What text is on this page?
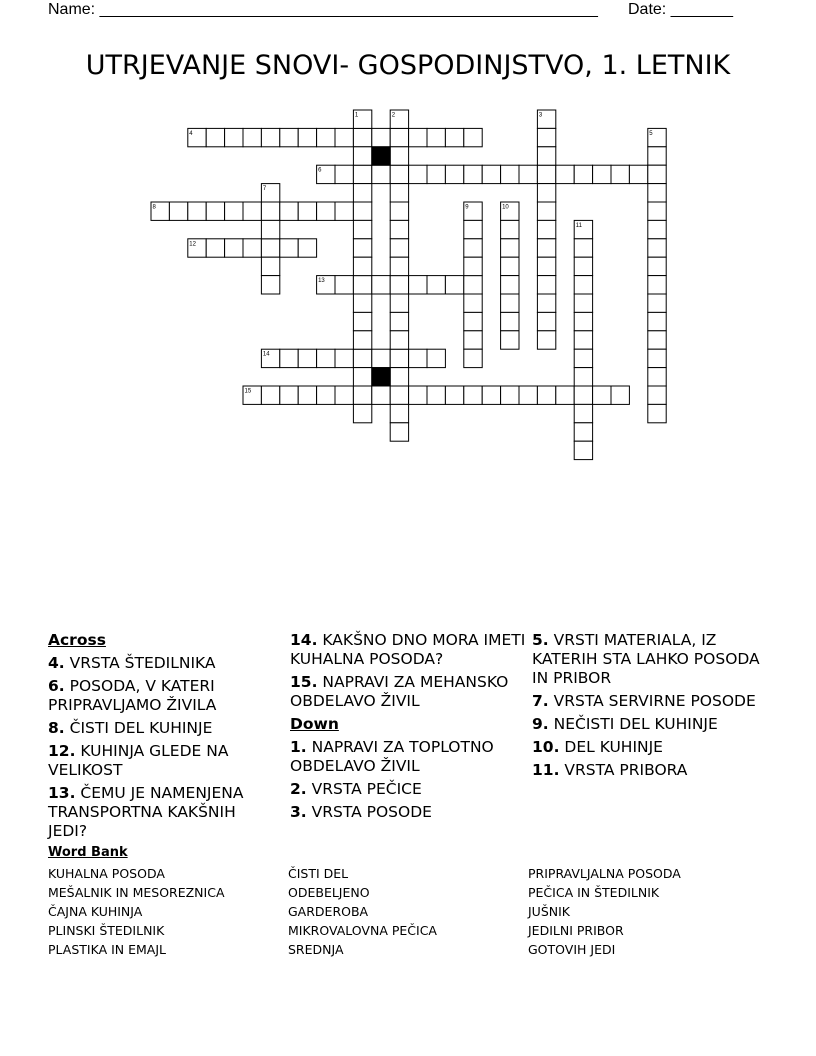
Name: ________________________________________________________ Date: _______
UTRJEVANJE SNOVI- GOSPODINJSTVO, 1. LETNIK
4
6
8
12
13
14
15
1	2	3
5
7
9	10
11
Across
4. VRSTA ŠTEDILNIKA
6. POSODA, V KATERI PRIPRAVLJAMO ŽIVILA
8. ČISTI DEL KUHINJE
12. KUHINJA GLEDE NA VELIKOST
13. ČEMU JE NAMENJENA TRANSPORTNA KAKŠNIH JEDI?
14. KAKŠNO DNO MORA IMETI KUHALNA POSODA?
15. NAPRAVI ZA MEHANSKO OBDELAVO ŽIVIL
Down
1. NAPRAVI ZA TOPLOTNO OBDELAVO ŽIVIL
2. VRSTA PEČICE
3. VRSTA POSODE
5. VRSTI MATERIALA, IZ KATERIH STA LAHKO POSODA IN PRIBOR
7. VRSTA SERVIRNE POSODE
9. NEČISTI DEL KUHINJE
10. DEL KUHINJE
11. VRSTA PRIBORA
Word Bank
KUHALNA POSODA
MEŠALNIK IN MESOREZNICA
ČAJNA KUHINJA
PLINSKI ŠTEDILNIK
PLASTIKA IN EMAJL
ČISTI DEL
ODEBELJENO
GARDEROBA
MIKROVALOVNA PEČICA
SREDNJA
PRIPRAVLJALNA POSODA
PEČICA IN ŠTEDILNIK
JUŠNIK
JEDILNI PRIBOR
GOTOVIH JEDI
